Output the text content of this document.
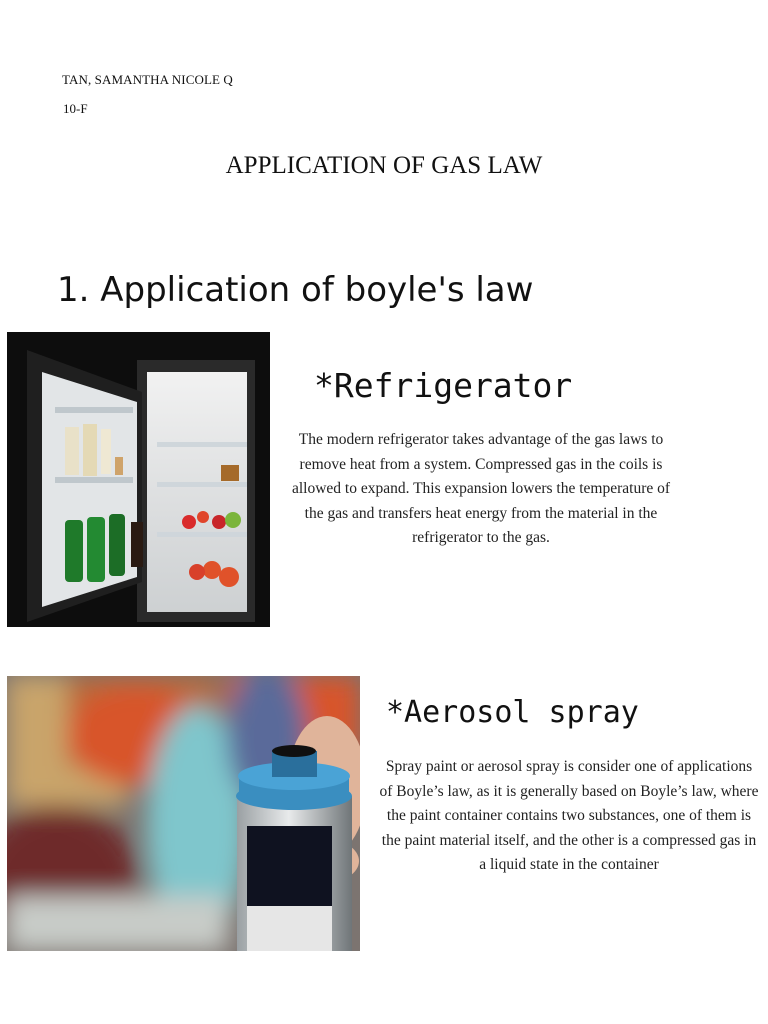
TAN, SAMANTHA NICOLE Q
10-F
APPLICATION OF GAS LAW
1. Application of boyle's law
*Refrigerator
The modern refrigerator takes advantage of the gas laws to remove heat from a system. Compressed gas in the coils is allowed to expand. This expansion lowers the temperature of the gas and transfers heat energy from the material in the refrigerator to the gas.
*Aerosol spray
Spray paint or aerosol spray is consider one of applications of Boyle’s law, as it is generally based on Boyle’s law, where the paint container contains two substances, one of them is the paint material itself, and the other is a compressed gas in a liquid state in the container
